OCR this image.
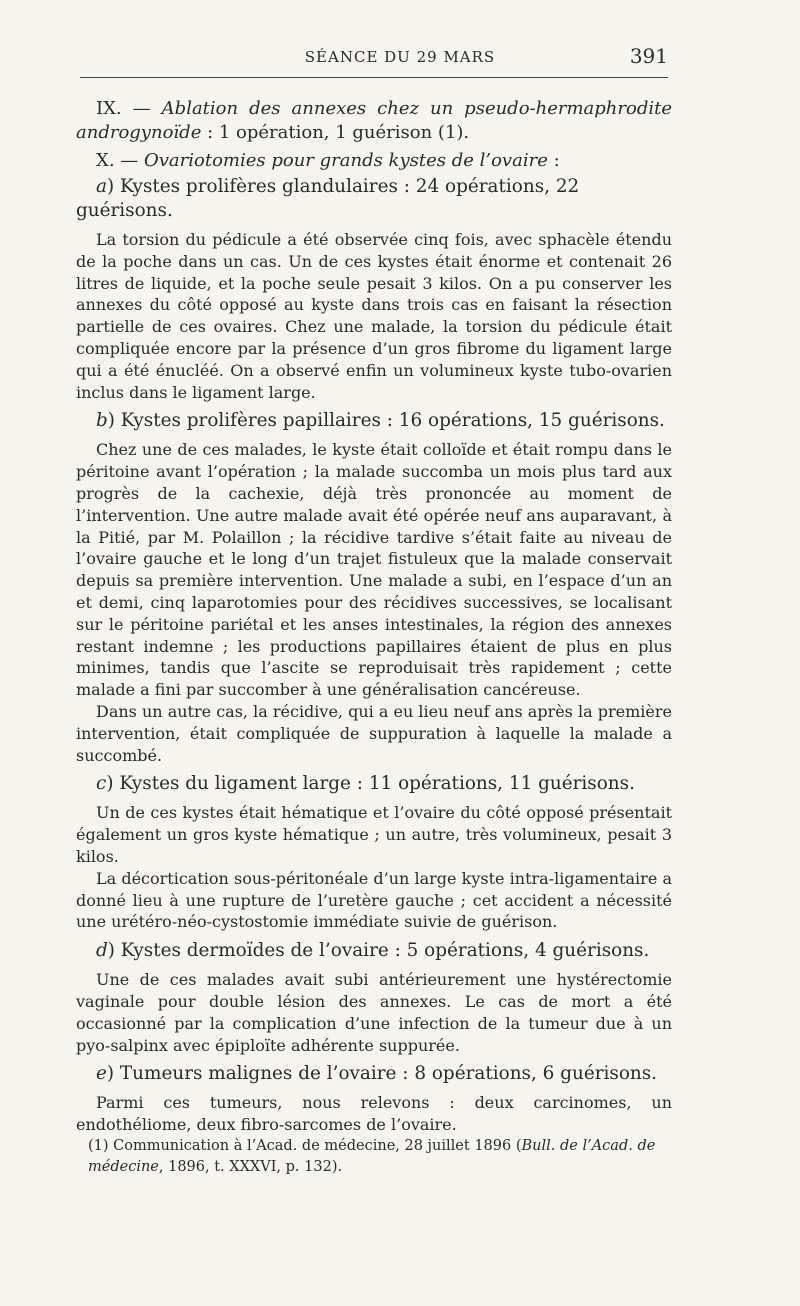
SÉANCE DU 29 MARS	391

IX. — Ablation des annexes chez un pseudo-hermaphrodite androgynoïde : 1 opération, 1 guérison (1).

X. — Ovariotomies pour grands kystes de l’ovaire :

a) Kystes prolifères glandulaires : 24 opérations, 22 guérisons.

La torsion du pédicule a été observée cinq fois, avec sphacèle étendu de la poche dans un cas. Un de ces kystes était énorme et contenait 26 litres de liquide, et la poche seule pesait 3 kilos. On a pu conserver les annexes du côté opposé au kyste dans trois cas en faisant la résection partielle de ces ovaires. Chez une malade, la torsion du pédicule était compliquée encore par la présence d’un gros fibrome du ligament large qui a été énucléé. On a observé enfin un volumineux kyste tubo-ovarien inclus dans le ligament large.

b) Kystes prolifères papillaires : 16 opérations, 15 guérisons.

Chez une de ces malades, le kyste était colloïde et était rompu dans le péritoine avant l’opération ; la malade succomba un mois plus tard aux progrès de la cachexie, déjà très prononcée au moment de l’intervention. Une autre malade avait été opérée neuf ans auparavant, à la Pitié, par M. Polaillon ; la récidive tardive s’était faite au niveau de l’ovaire gauche et le long d’un trajet fistuleux que la malade conservait depuis sa première intervention. Une malade a subi, en l’espace d’un an et demi, cinq laparotomies pour des récidives successives, se localisant sur le péritoine pariétal et les anses intestinales, la région des annexes restant indemne ; les productions papillaires étaient de plus en plus minimes, tandis que l’ascite se reproduisait très rapidement ; cette malade a fini par succomber à une généralisation cancéreuse.

Dans un autre cas, la récidive, qui a eu lieu neuf ans après la première intervention, était compliquée de suppuration à laquelle la malade a succombé.

c) Kystes du ligament large : 11 opérations, 11 guérisons.

Un de ces kystes était hématique et l’ovaire du côté opposé présentait également un gros kyste hématique ; un autre, très volumineux, pesait 3 kilos.

La décortication sous-péritonéale d’un large kyste intra-ligamentaire a donné lieu à une rupture de l’uretère gauche ; cet accident a nécessité une urétéro-néo-cystostomie immédiate suivie de guérison.

d) Kystes dermoïdes de l’ovaire : 5 opérations, 4 guérisons.

Une de ces malades avait subi antérieurement une hystérectomie vaginale pour double lésion des annexes. Le cas de mort a été occasionné par la complication d’une infection de la tumeur due à un pyo-salpinx avec épiploïte adhérente suppurée.

e) Tumeurs malignes de l’ovaire : 8 opérations, 6 guérisons.

Parmi ces tumeurs, nous relevons : deux carcinomes, un endothéliome, deux fibro-sarcomes de l’ovaire.

(1) Communication à l’Acad. de médecine, 28 juillet 1896 (Bull. de l’Acad. de médecine, 1896, t. XXXVI, p. 132).
